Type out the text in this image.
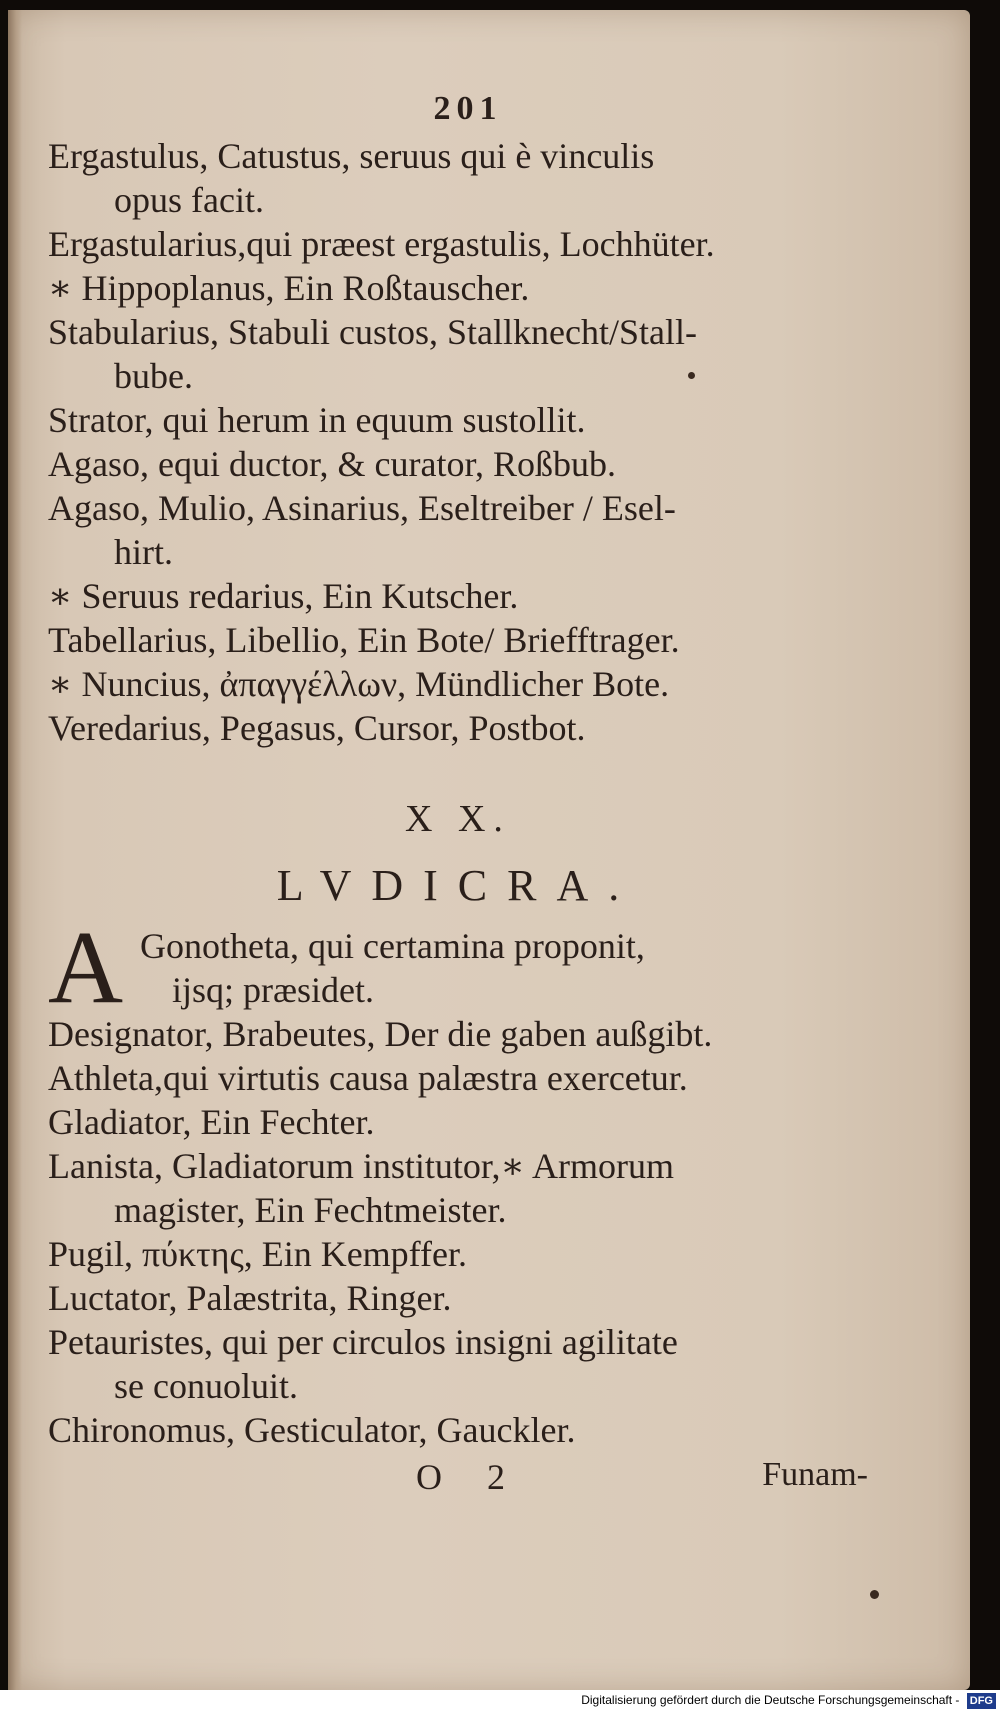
201
Ergastulus, Catustus, seruus qui è vinculis
opus facit.
Ergastularius,qui præest ergastulis, Lochhüter.
∗ Hippoplanus, Ein Roßtauscher.
Stabularius, Stabuli custos, Stallknecht/Stall-
bube.
Strator, qui herum in equum sustollit.
Agaso, equi ductor, & curator, Roßbub.
Agaso, Mulio, Asinarius, Eseltreiber / Esel-
hirt.
∗ Seruus redarius, Ein Kutscher.
Tabellarius, Libellio, Ein Bote/ Briefftrager.
∗ Nuncius, ἀπαγγέλλων, Mündlicher Bote.
Veredarius, Pegasus, Cursor, Postbot.
X X.
LVDICRA.
A Gonotheta, qui certamina proponit,
ijsq; præsidet.
Designator, Brabeutes, Der die gaben außgibt.
Athleta,qui virtutis causa palæstra exercetur.
Gladiator, Ein Fechter.
Lanista, Gladiatorum institutor,∗ Armorum
magister, Ein Fechtmeister.
Pugil, πύκτης, Ein Kempffer.
Luctator, Palæstrita, Ringer.
Petauristes, qui per circulos insigni agilitate
se conuoluit.
Chironomus, Gesticulator, Gauckler.
O 2	Funam-
Digitalisierung gefördert durch die Deutsche Forschungsgemeinschaft - DFG
